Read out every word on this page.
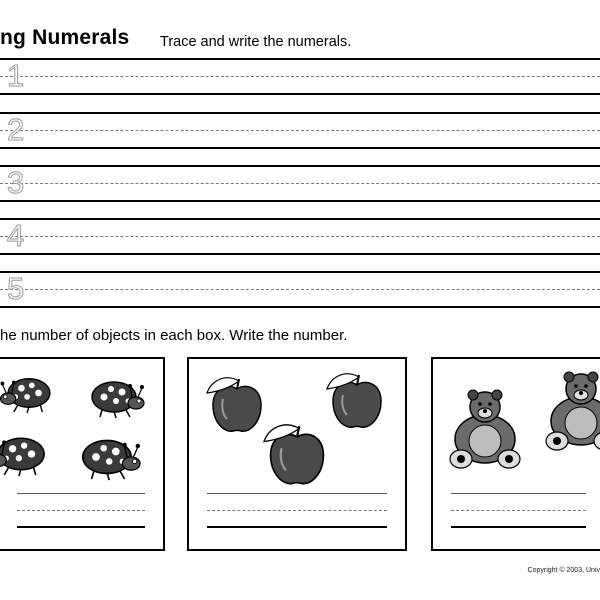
ng Numerals Trace and write the numerals.
1
2
3
4
5
he number of objects in each box. Write the number.
Copyright © 2003, Univ
